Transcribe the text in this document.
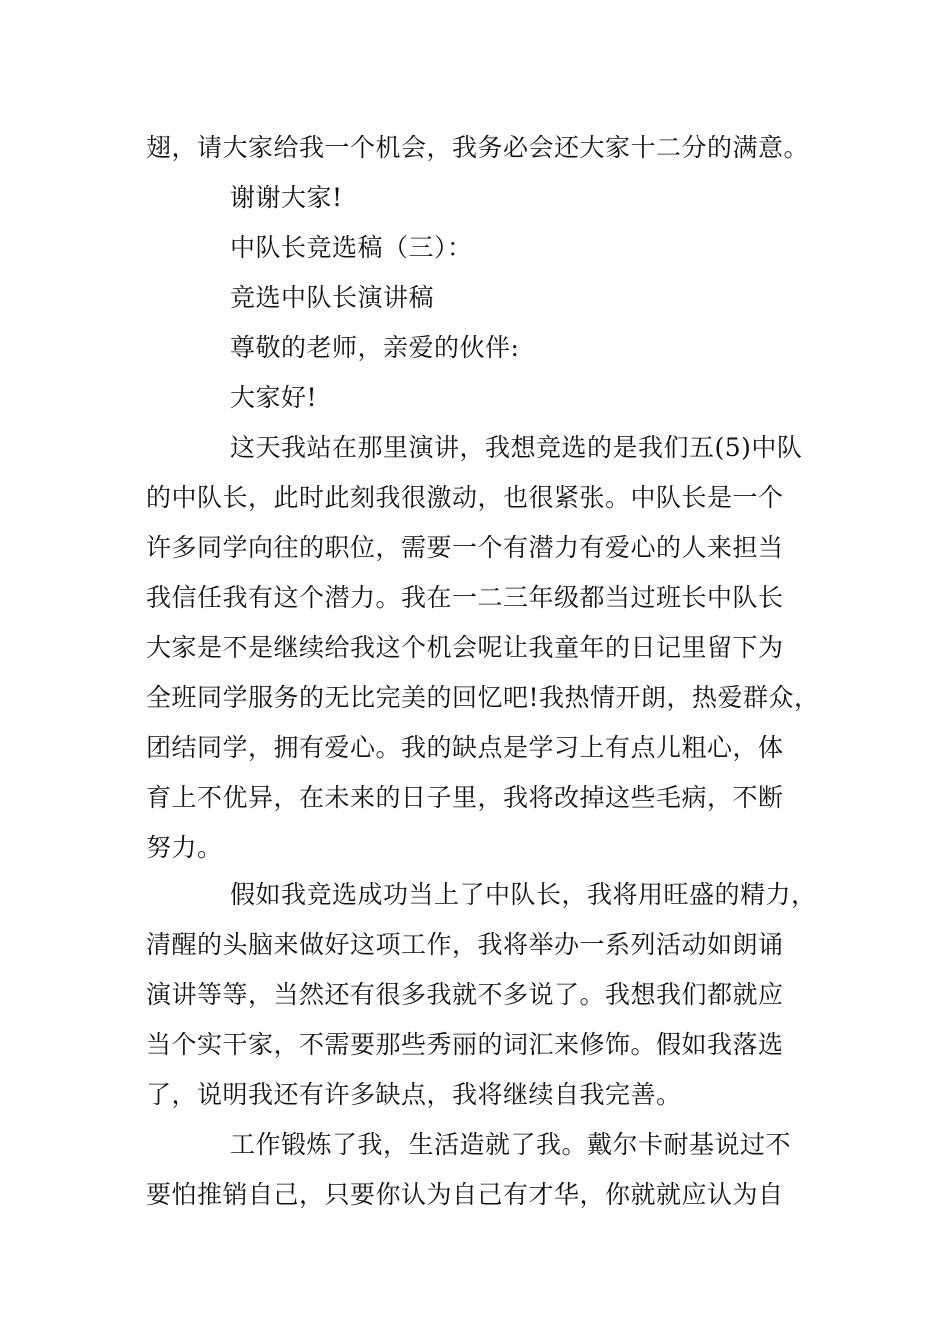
翅，请大家给我一个机会，我务必会还大家十二分的满意。
谢谢大家!
中队长竞选稿（三）：
竞选中队长演讲稿
尊敬的老师，亲爱的伙伴:
大家好!
这天我站在那里演讲，我想竞选的是我们五(5)中队
的中队长，此时此刻我很激动，也很紧张。中队长是一个
许多同学向往的职位，需要一个有潜力有爱心的人来担当
我信任我有这个潜力。我在一二三年级都当过班长中队长
大家是不是继续给我这个机会呢让我童年的日记里留下为
全班同学服务的无比完美的回忆吧!我热情开朗，热爱群众，
团结同学，拥有爱心。我的缺点是学习上有点儿粗心，体
育上不优异，在未来的日子里，我将改掉这些毛病，不断
努力。
假如我竞选成功当上了中队长，我将用旺盛的精力，
清醒的头脑来做好这项工作，我将举办一系列活动如朗诵
演讲等等，当然还有很多我就不多说了。我想我们都就应
当个实干家，不需要那些秀丽的词汇来修饰。假如我落选
了，说明我还有许多缺点，我将继续自我完善。
工作锻炼了我，生活造就了我。戴尔卡耐基说过不
要怕推销自己，只要你认为自己有才华，你就就应认为自
